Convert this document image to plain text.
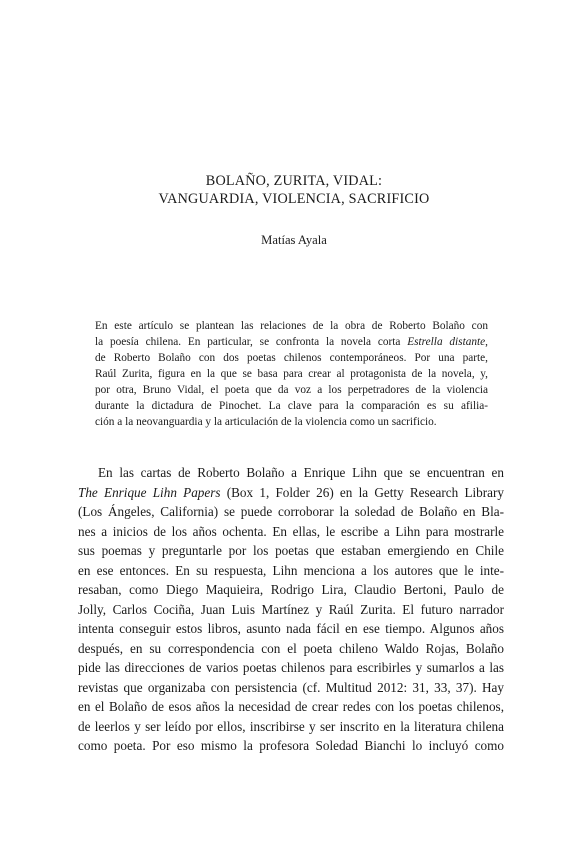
BOLAÑO, ZURITA, VIDAL:
VANGUARDIA, VIOLENCIA, SACRIFICIO
Matías Ayala
En este artículo se plantean las relaciones de la obra de Roberto Bolaño con
la poesía chilena. En particular, se confronta la novela corta Estrella distante,
de Roberto Bolaño con dos poetas chilenos contemporáneos. Por una parte,
Raúl Zurita, figura en la que se basa para crear al protagonista de la novela, y,
por otra, Bruno Vidal, el poeta que da voz a los perpetradores de la violencia
durante la dictadura de Pinochet. La clave para la comparación es su afilia-
ción a la neovanguardia y la articulación de la violencia como un sacrificio.
En las cartas de Roberto Bolaño a Enrique Lihn que se encuentran en
The Enrique Lihn Papers (Box 1, Folder 26) en la Getty Research Library
(Los Ángeles, California) se puede corroborar la soledad de Bolaño en Bla-
nes a inicios de los años ochenta. En ellas, le escribe a Lihn para mostrarle
sus poemas y preguntarle por los poetas que estaban emergiendo en Chile
en ese entonces. En su respuesta, Lihn menciona a los autores que le inte-
resaban, como Diego Maquieira, Rodrigo Lira, Claudio Bertoni, Paulo de
Jolly, Carlos Cociña, Juan Luis Martínez y Raúl Zurita. El futuro narrador
intenta conseguir estos libros, asunto nada fácil en ese tiempo. Algunos años
después, en su correspondencia con el poeta chileno Waldo Rojas, Bolaño
pide las direcciones de varios poetas chilenos para escribirles y sumarlos a las
revistas que organizaba con persistencia (cf. Multitud 2012: 31, 33, 37). Hay
en el Bolaño de esos años la necesidad de crear redes con los poetas chilenos,
de leerlos y ser leído por ellos, inscribirse y ser inscrito en la literatura chilena
como poeta. Por eso mismo la profesora Soledad Bianchi lo incluyó como
